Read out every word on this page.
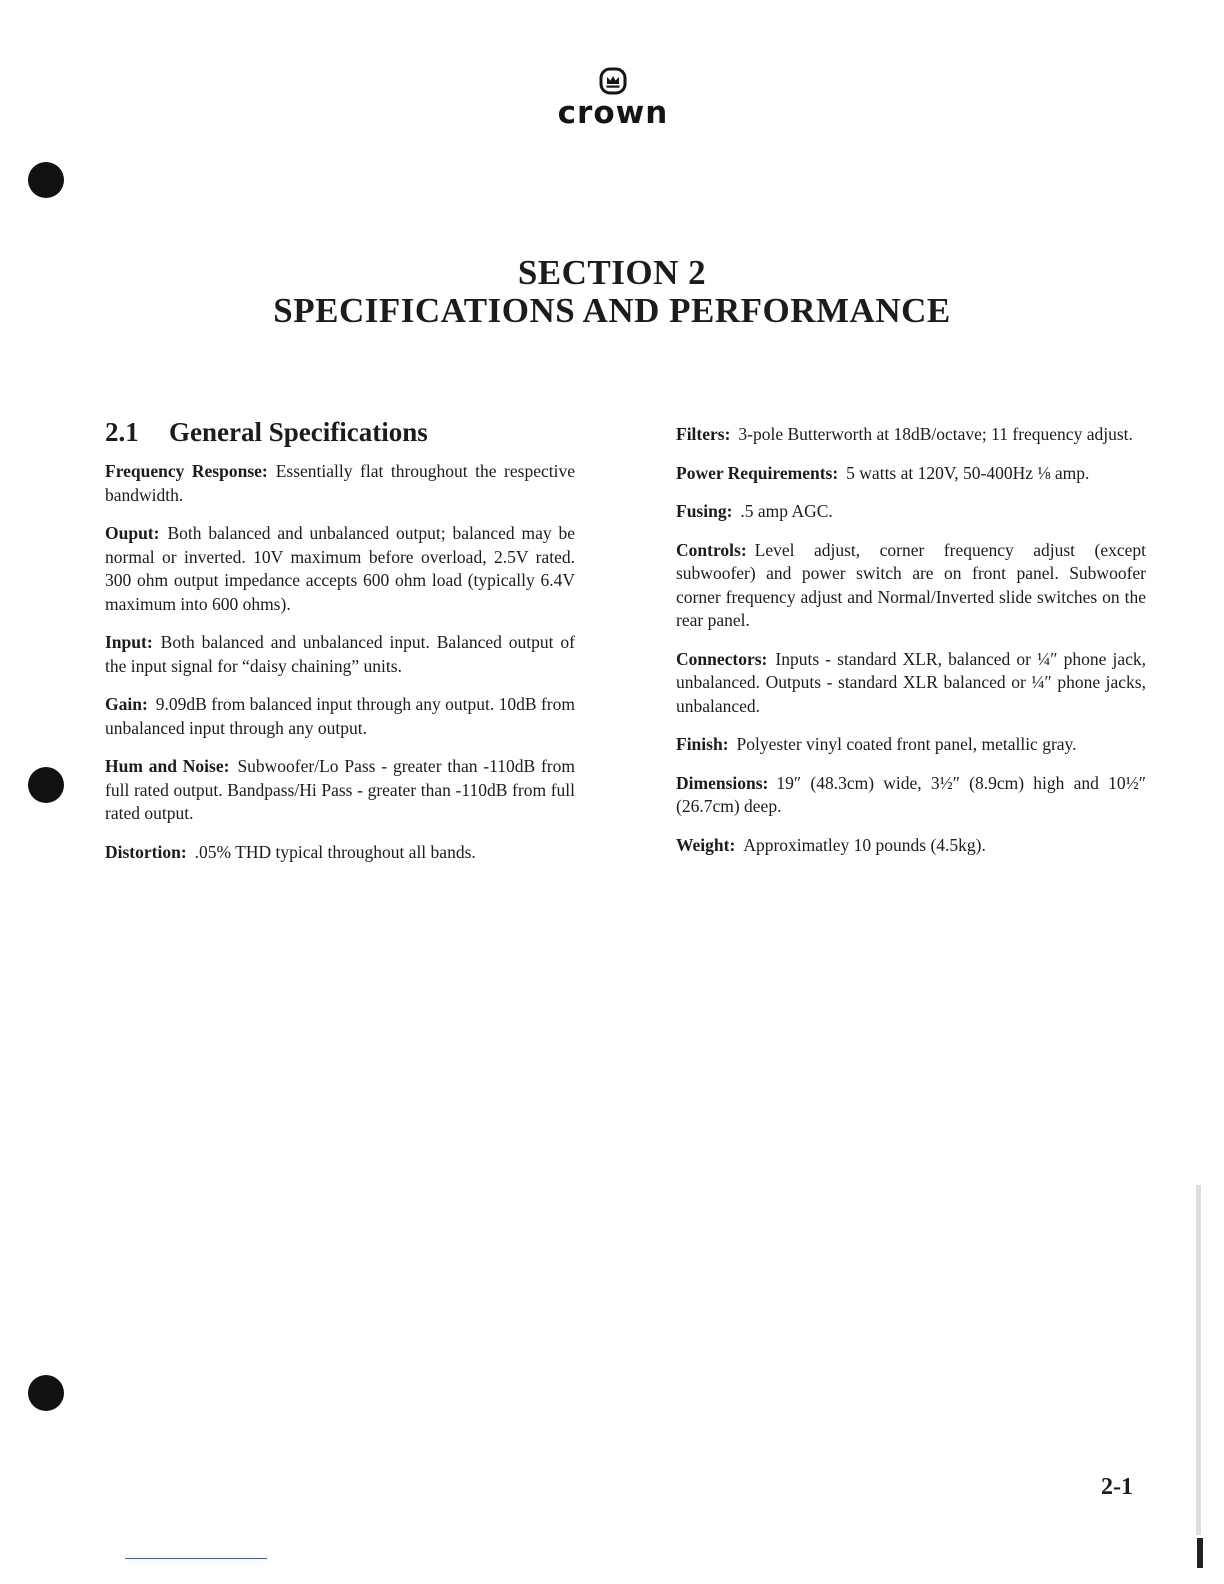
crown
SECTION 2
SPECIFICATIONS AND PERFORMANCE
2.1 General Specifications

Frequency Response: Essentially flat throughout the respective bandwidth.

Ouput: Both balanced and unbalanced output; balanced may be normal or inverted. 10V maximum before overload, 2.5V rated. 300 ohm output impedance accepts 600 ohm load (typically 6.4V maximum into 600 ohms).

Input: Both balanced and unbalanced input. Balanced output of the input signal for “daisy chaining” units.

Gain: 9.09dB from balanced input through any output. 10dB from unbalanced input through any output.

Hum and Noise: Subwoofer/Lo Pass - greater than -110dB from full rated output. Bandpass/Hi Pass - greater than -110dB from full rated output.

Distortion: .05% THD typical throughout all bands.

Filters: 3-pole Butterworth at 18dB/octave; 11 frequency adjust.

Power Requirements: 5 watts at 120V, 50-400Hz ⅛ amp.

Fusing: .5 amp AGC.

Controls: Level adjust, corner frequency adjust (except subwoofer) and power switch are on front panel. Subwoofer corner frequency adjust and Normal/Inverted slide switches on the rear panel.

Connectors: Inputs - standard XLR, balanced or ¼″ phone jack, unbalanced. Outputs - standard XLR balanced or ¼″ phone jacks, unbalanced.

Finish: Polyester vinyl coated front panel, metallic gray.

Dimensions: 19″ (48.3cm) wide, 3½″ (8.9cm) high and 10½″ (26.7cm) deep.

Weight: Approximatley 10 pounds (4.5kg).

2-1
